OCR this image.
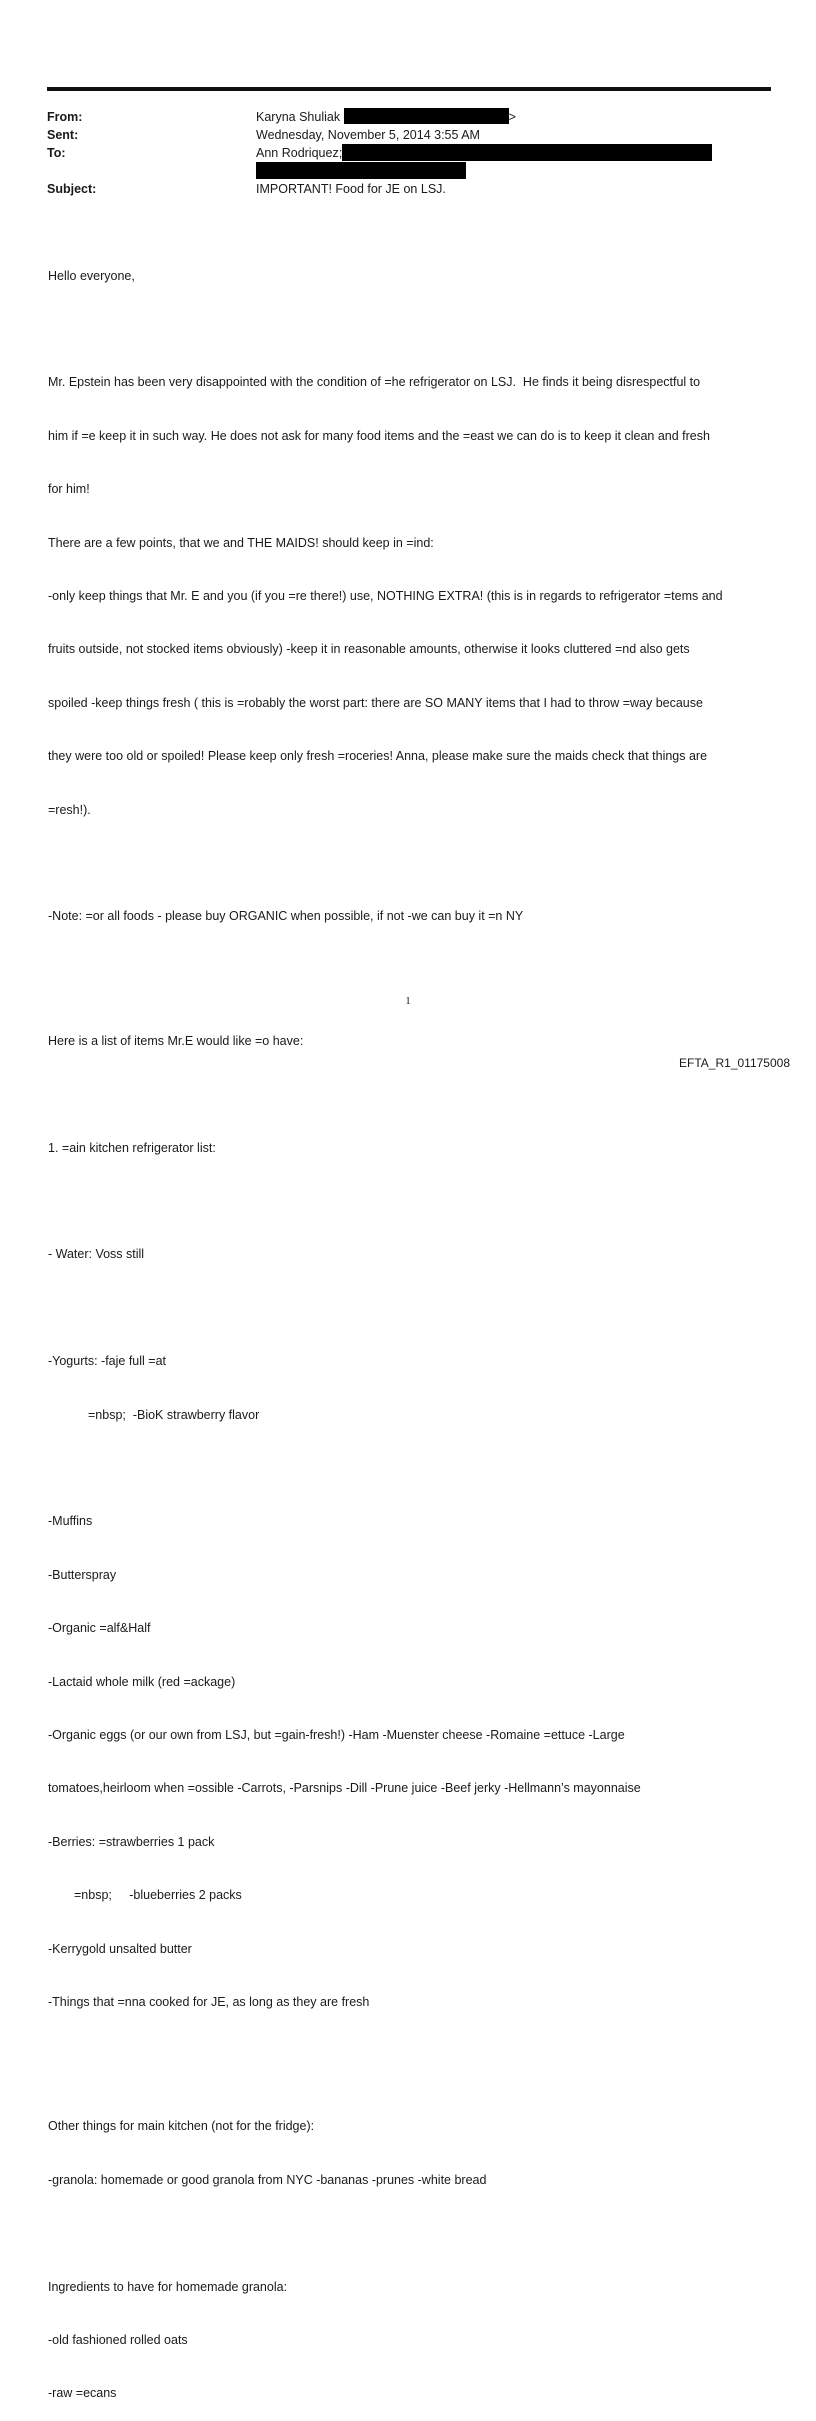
From:	Karyna Shuliak	>
Sent:	Wednesday, November 5, 2014 3:55 AM
To:	Ann Rodriquez;
Subject:	IMPORTANT! Food for JE on LSJ.

Hello everyone,

Mr. Epstein has been very disappointed with the condition of =he refrigerator on LSJ.  He finds it being disrespectful to

him if =e keep it in such way. He does not ask for many food items and the =east we can do is to keep it clean and fresh

for him!

There are a few points, that we and THE MAIDS! should keep in =ind:

-only keep things that Mr. E and you (if you =re there!) use, NOTHING EXTRA! (this is in regards to refrigerator =tems and

fruits outside, not stocked items obviously) -keep it in reasonable amounts, otherwise it looks cluttered =nd also gets

spoiled -keep things fresh ( this is =robably the worst part: there are SO MANY items that I had to throw =way because

they were too old or spoiled! Please keep only fresh =roceries! Anna, please make sure the maids check that things are

=resh!).

-Note: =or all foods - please buy ORGANIC when possible, if not -we can buy it =n NY

Here is a list of items Mr.E would like =o have:

1. =ain kitchen refrigerator list:

- Water: Voss still

-Yogurts: -faje full =at

=nbsp;  -BioK strawberry flavor

-Muffins

-Butterspray

-Organic =alf&Half

-Lactaid whole milk (red =ackage)

-Organic eggs (or our own from LSJ, but =gain-fresh!) -Ham -Muenster cheese -Romaine =ettuce -Large

tomatoes,heirloom when =ossible -Carrots, -Parsnips -Dill -Prune juice -Beef jerky -Hellmann’s mayonnaise

-Berries: =strawberries 1 pack

=nbsp;     -blueberries 2 packs

-Kerrygold unsalted butter

-Things that =nna cooked for JE, as long as they are fresh

Other things for main kitchen (not for the fridge):

-granola: homemade or good granola from NYC -bananas -prunes -white bread

Ingredients to have for homemade granola:

-old fashioned rolled oats

-raw =ecans

1
EFTA_R1_01175008
